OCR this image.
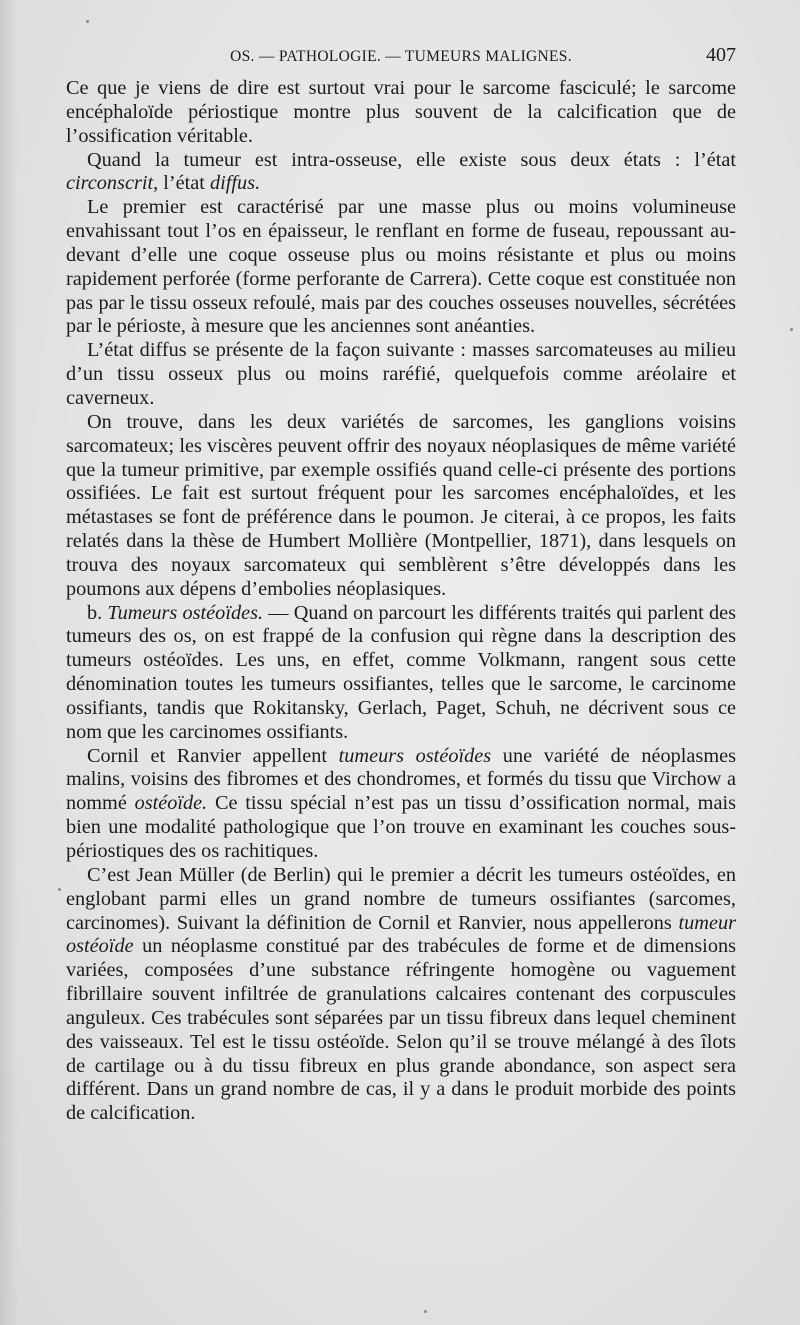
OS. — PATHOLOGIE. — TUMEURS MALIGNES.	407

Ce que je viens de dire est surtout vrai pour le sarcome fasciculé; le sarcome encéphaloïde périostique montre plus souvent de la calcification que de l’ossification véritable.

Quand la tumeur est intra-osseuse, elle existe sous deux états : l’état circonscrit, l’état diffus.

Le premier est caractérisé par une masse plus ou moins volumineuse envahissant tout l’os en épaisseur, le renflant en forme de fuseau, repoussant au-devant d’elle une coque osseuse plus ou moins résistante et plus ou moins rapidement perforée (forme perforante de Carrera). Cette coque est constituée non pas par le tissu osseux refoulé, mais par des couches osseuses nouvelles, sécrétées par le périoste, à mesure que les anciennes sont anéanties.

L’état diffus se présente de la façon suivante : masses sarcomateuses au milieu d’un tissu osseux plus ou moins raréfié, quelquefois comme aréolaire et caverneux.

On trouve, dans les deux variétés de sarcomes, les ganglions voisins sarcomateux; les viscères peuvent offrir des noyaux néoplasiques de même variété que la tumeur primitive, par exemple ossifiés quand celle-ci présente des portions ossifiées. Le fait est surtout fréquent pour les sarcomes encéphaloïdes, et les métastases se font de préférence dans le poumon. Je citerai, à ce propos, les faits relatés dans la thèse de Humbert Mollière (Montpellier, 1871), dans lesquels on trouva des noyaux sarcomateux qui semblèrent s’être développés dans les poumons aux dépens d’embolies néoplasiques.

b. Tumeurs ostéoïdes. — Quand on parcourt les différents traités qui parlent des tumeurs des os, on est frappé de la confusion qui règne dans la description des tumeurs ostéoïdes. Les uns, en effet, comme Volkmann, rangent sous cette dénomination toutes les tumeurs ossifiantes, telles que le sarcome, le carcinome ossifiants, tandis que Rokitansky, Gerlach, Paget, Schuh, ne décrivent sous ce nom que les carcinomes ossifiants.

Cornil et Ranvier appellent tumeurs ostéoïdes une variété de néoplasmes malins, voisins des fibromes et des chondromes, et formés du tissu que Virchow a nommé ostéoïde. Ce tissu spécial n’est pas un tissu d’ossification normal, mais bien une modalité pathologique que l’on trouve en examinant les couches sous-périostiques des os rachitiques.

C’est Jean Müller (de Berlin) qui le premier a décrit les tumeurs ostéoïdes, en englobant parmi elles un grand nombre de tumeurs ossifiantes (sarcomes, carcinomes). Suivant la définition de Cornil et Ranvier, nous appellerons tumeur ostéoïde un néoplasme constitué par des trabécules de forme et de dimensions variées, composées d’une substance réfringente homogène ou vaguement fibrillaire souvent infiltrée de granulations calcaires contenant des corpuscules anguleux. Ces trabécules sont séparées par un tissu fibreux dans lequel cheminent des vaisseaux. Tel est le tissu ostéoïde. Selon qu’il se trouve mélangé à des îlots de cartilage ou à du tissu fibreux en plus grande abondance, son aspect sera différent. Dans un grand nombre de cas, il y a dans le produit morbide des points de calcification.
